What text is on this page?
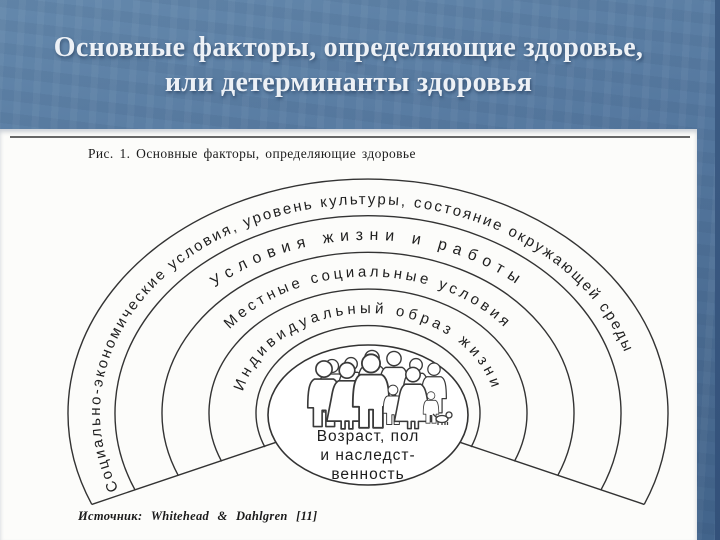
Основные факторы, определяющие здоровье,
или детерминанты здоровья
Рис. 1. Основные факторы, определяющие здоровье
Социально-экономические условия, уровень культуры, состояние окружающей среды
Условия жизни и работы
Местные социальные условия
Индивидуальный образ жизни
Возраст, пол
и наследст-
венность
Источник: Whitehead & Dahlgren [11]
